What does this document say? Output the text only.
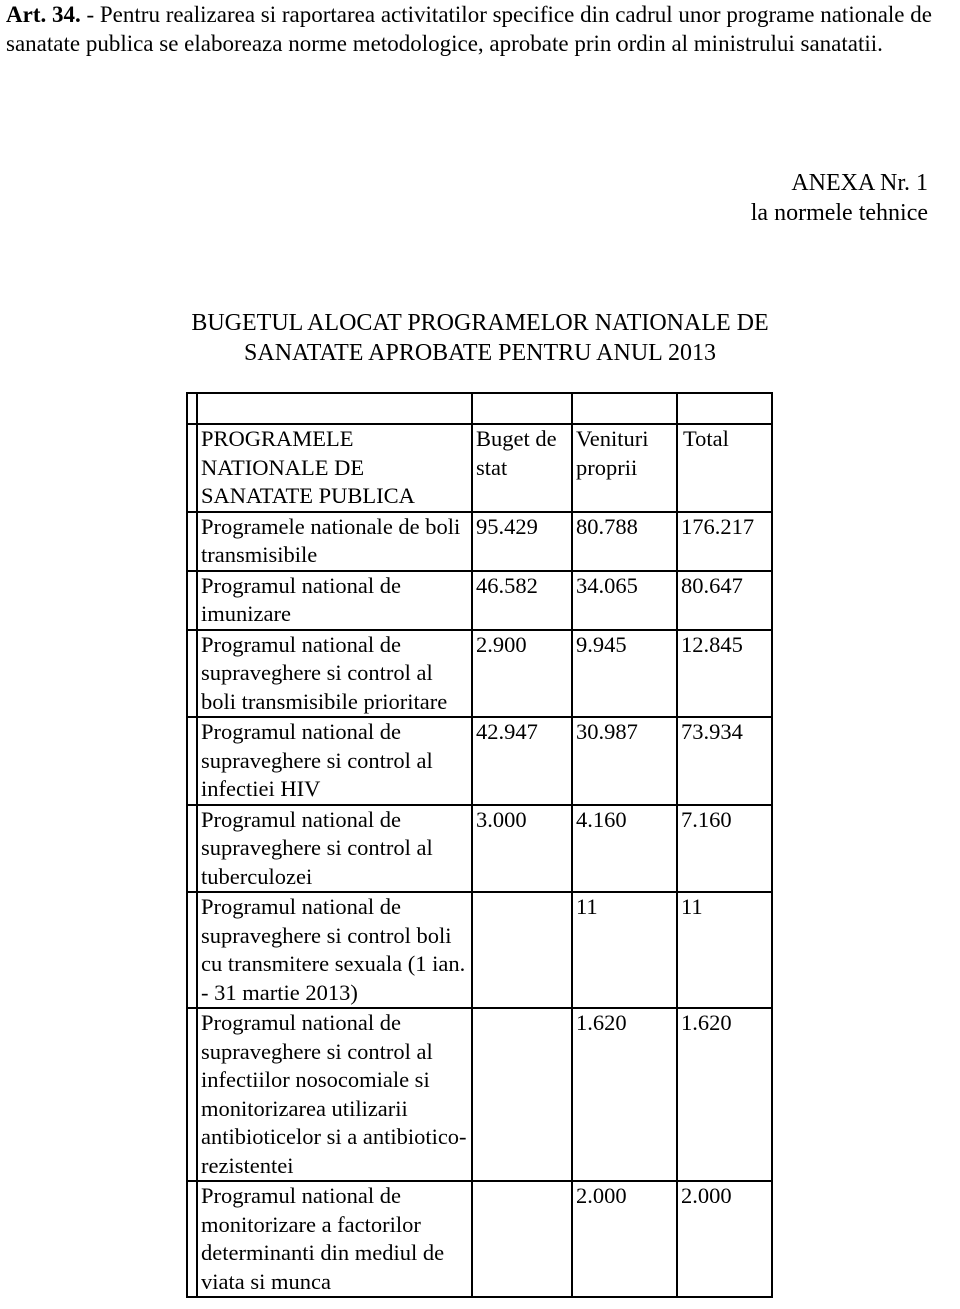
Art. 34. - Pentru realizarea si raportarea activitatilor specifice din cadrul unor programe nationale de sanatate publica se elaboreaza norme metodologice, aprobate prin ordin al ministrului sanatatii.
ANEXA Nr. 1
la normele tehnice
BUGETUL ALOCAT PROGRAMELOR NATIONALE DE
SANATATE APROBATE PENTRU ANUL 2013

	PROGRAMELE NATIONALE DE SANATATE PUBLICA	Buget de stat	Venituri proprii	Total
	Programele nationale de boli transmisibile	95.429	80.788	176.217
	Programul national de imunizare	46.582	34.065	80.647
	Programul national de supraveghere si control al boli transmisibile prioritare	2.900	9.945	12.845
	Programul national de supraveghere si control al infectiei HIV	42.947	30.987	73.934
	Programul national de supraveghere si control al tuberculozei	3.000	4.160	7.160
	Programul national de supraveghere si control boli cu transmitere sexuala (1 ian. - 31 martie 2013)		11	11
	Programul national de supraveghere si control al infectiilor nosocomiale si monitorizarea utilizarii antibioticelor si a antibiotico-rezistentei		1.620	1.620
	Programul national de monitorizare a factorilor determinanti din mediul de viata si munca		2.000	2.000
